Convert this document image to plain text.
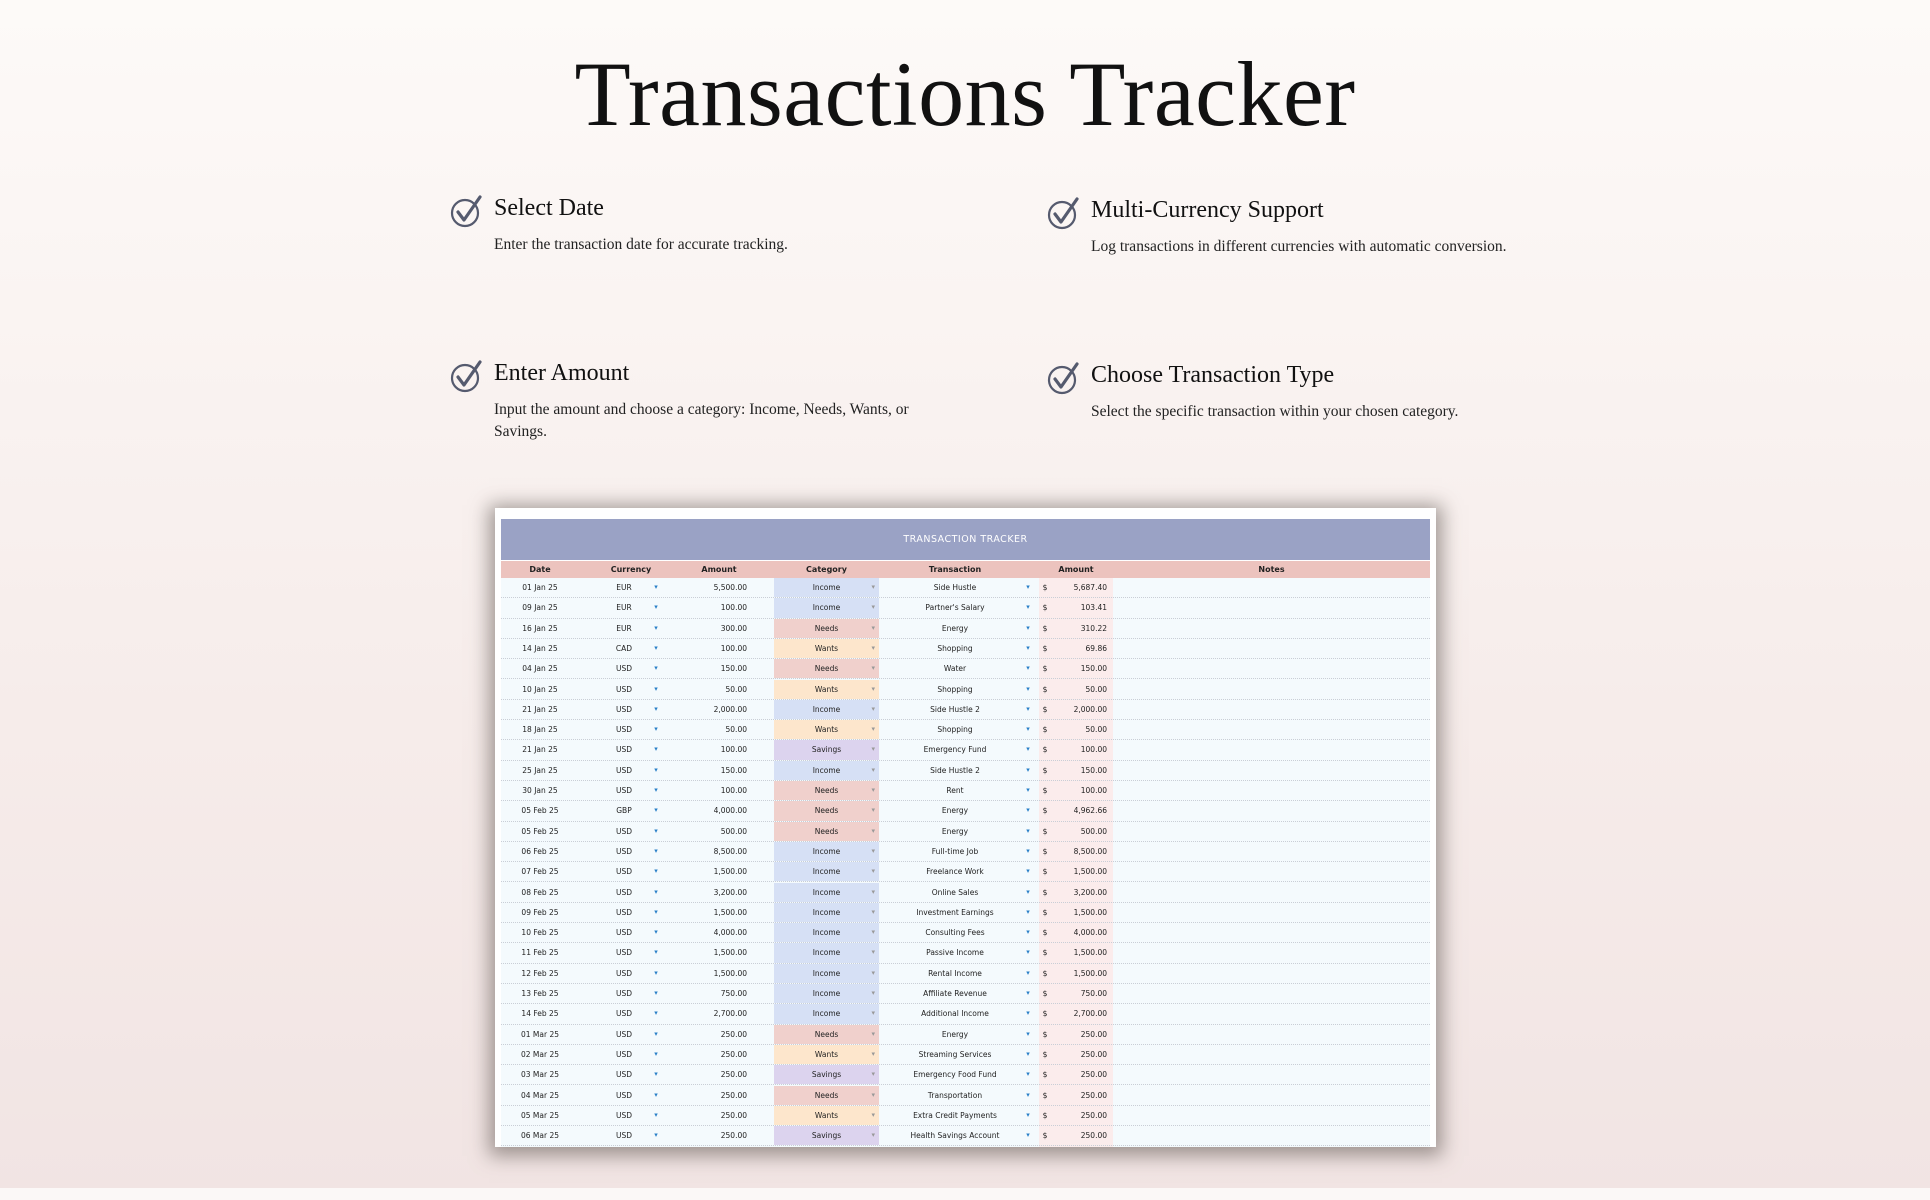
Transactions Tracker
Select Date

Enter the transaction date for accurate tracking.

Multi-Currency Support

Log transactions in different currencies with automatic conversion.

Enter Amount

Input the amount and choose a category: Income, Needs, Wants, or Savings.

Choose Transaction Type

Select the specific transaction within your chosen category.

TRANSACTION TRACKER
Date	Currency	Amount	Category	Transaction	Amount	Notes
01 Jan 25	EUR	▾	5,500.00	Income	▾	Side Hustle	▾	$	5,687.40
09 Jan 25	EUR	▾	100.00	Income	▾	Partner's Salary	▾	$	103.41
16 Jan 25	EUR	▾	300.00	Needs	▾	Energy	▾	$	310.22
14 Jan 25	CAD	▾	100.00	Wants	▾	Shopping	▾	$	69.86
04 Jan 25	USD	▾	150.00	Needs	▾	Water	▾	$	150.00
10 Jan 25	USD	▾	50.00	Wants	▾	Shopping	▾	$	50.00
21 Jan 25	USD	▾	2,000.00	Income	▾	Side Hustle 2	▾	$	2,000.00
18 Jan 25	USD	▾	50.00	Wants	▾	Shopping	▾	$	50.00
21 Jan 25	USD	▾	100.00	Savings	▾	Emergency Fund	▾	$	100.00
25 Jan 25	USD	▾	150.00	Income	▾	Side Hustle 2	▾	$	150.00
30 Jan 25	USD	▾	100.00	Needs	▾	Rent	▾	$	100.00
05 Feb 25	GBP	▾	4,000.00	Needs	▾	Energy	▾	$	4,962.66
05 Feb 25	USD	▾	500.00	Needs	▾	Energy	▾	$	500.00
06 Feb 25	USD	▾	8,500.00	Income	▾	Full-time Job	▾	$	8,500.00
07 Feb 25	USD	▾	1,500.00	Income	▾	Freelance Work	▾	$	1,500.00
08 Feb 25	USD	▾	3,200.00	Income	▾	Online Sales	▾	$	3,200.00
09 Feb 25	USD	▾	1,500.00	Income	▾	Investment Earnings	▾	$	1,500.00
10 Feb 25	USD	▾	4,000.00	Income	▾	Consulting Fees	▾	$	4,000.00
11 Feb 25	USD	▾	1,500.00	Income	▾	Passive Income	▾	$	1,500.00
12 Feb 25	USD	▾	1,500.00	Income	▾	Rental Income	▾	$	1,500.00
13 Feb 25	USD	▾	750.00	Income	▾	Affiliate Revenue	▾	$	750.00
14 Feb 25	USD	▾	2,700.00	Income	▾	Additional Income	▾	$	2,700.00
01 Mar 25	USD	▾	250.00	Needs	▾	Energy	▾	$	250.00
02 Mar 25	USD	▾	250.00	Wants	▾	Streaming Services	▾	$	250.00
03 Mar 25	USD	▾	250.00	Savings	▾	Emergency Food Fund	▾	$	250.00
04 Mar 25	USD	▾	250.00	Needs	▾	Transportation	▾	$	250.00
05 Mar 25	USD	▾	250.00	Wants	▾	Extra Credit Payments	▾	$	250.00
06 Mar 25	USD	▾	250.00	Savings	▾	Health Savings Account	▾	$	250.00
